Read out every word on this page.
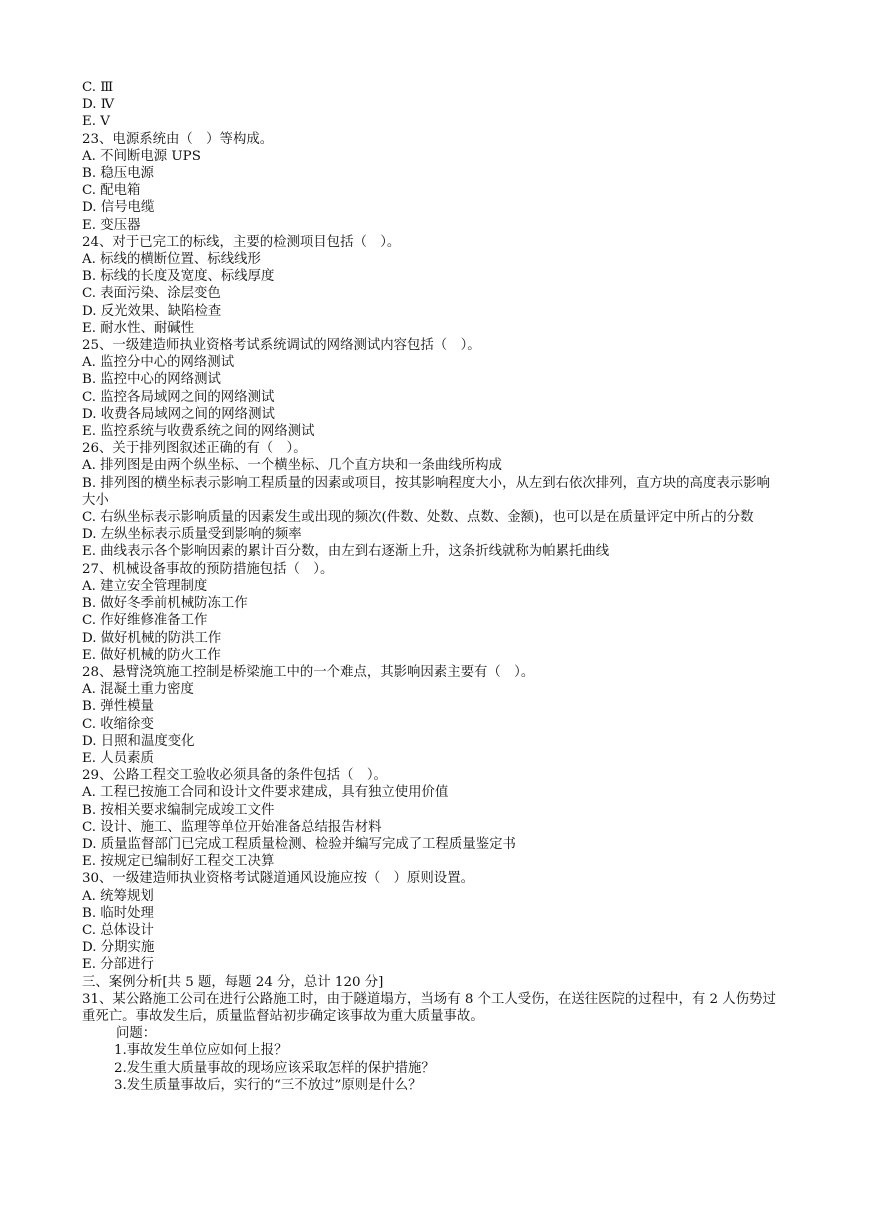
C. Ⅲ
D. Ⅳ
E. Ⅴ
23、电源系统由（　）等构成。
A. 不间断电源 UPS
B. 稳压电源
C. 配电箱
D. 信号电缆
E. 变压器
24、对于已完工的标线，主要的检测项目包括（　）。
A. 标线的横断位置、标线线形
B. 标线的长度及宽度、标线厚度
C. 表面污染、涂层变色
D. 反光效果、缺陷检查
E. 耐水性、耐碱性
25、一级建造师执业资格考试系统调试的网络测试内容包括（　）。
A. 监控分中心的网络测试
B. 监控中心的网络测试
C. 监控各局域网之间的网络测试
D. 收费各局域网之间的网络测试
E. 监控系统与收费系统之间的网络测试
26、关于排列图叙述正确的有（　）。
A. 排列图是由两个纵坐标、一个横坐标、几个直方块和一条曲线所构成
B. 排列图的横坐标表示影响工程质量的因素或项目，按其影响程度大小，从左到右依次排列，直方块的高度表示影响大小
C. 右纵坐标表示影响质量的因素发生或出现的频次(件数、处数、点数、金额)，也可以是在质量评定中所占的分数
D. 左纵坐标表示质量受到影响的频率
E. 曲线表示各个影响因素的累计百分数，由左到右逐渐上升，这条折线就称为帕累托曲线
27、机械设备事故的预防措施包括（　）。
A. 建立安全管理制度
B. 做好冬季前机械防冻工作
C. 作好维修准备工作
D. 做好机械的防洪工作
E. 做好机械的防火工作
28、悬臂浇筑施工控制是桥梁施工中的一个难点，其影响因素主要有（　）。
A. 混凝土重力密度
B. 弹性模量
C. 收缩徐变
D. 日照和温度变化
E. 人员素质
29、公路工程交工验收必须具备的条件包括（　）。
A. 工程已按施工合同和设计文件要求建成，具有独立使用价值
B. 按相关要求编制完成竣工文件
C. 设计、施工、监理等单位开始准备总结报告材料
D. 质量监督部门已完成工程质量检测、检验并编写完成了工程质量鉴定书
E. 按规定已编制好工程交工决算
30、一级建造师执业资格考试隧道通风设施应按（　）原则设置。
A. 统筹规划
B. 临时处理
C. 总体设计
D. 分期实施
E. 分部进行
三、案例分析[共 5 题，每题 24 分，总计 120 分]
31、某公路施工公司在进行公路施工时，由于隧道塌方，当场有 8 个工人受伤，在送往医院的过程中，有 2 人伤势过重死亡。事故发生后，质量监督站初步确定该事故为重大质量事故。
问题：
1.事故发生单位应如何上报？
2.发生重大质量事故的现场应该采取怎样的保护措施？
3.发生质量事故后，实行的“三不放过”原则是什么？
